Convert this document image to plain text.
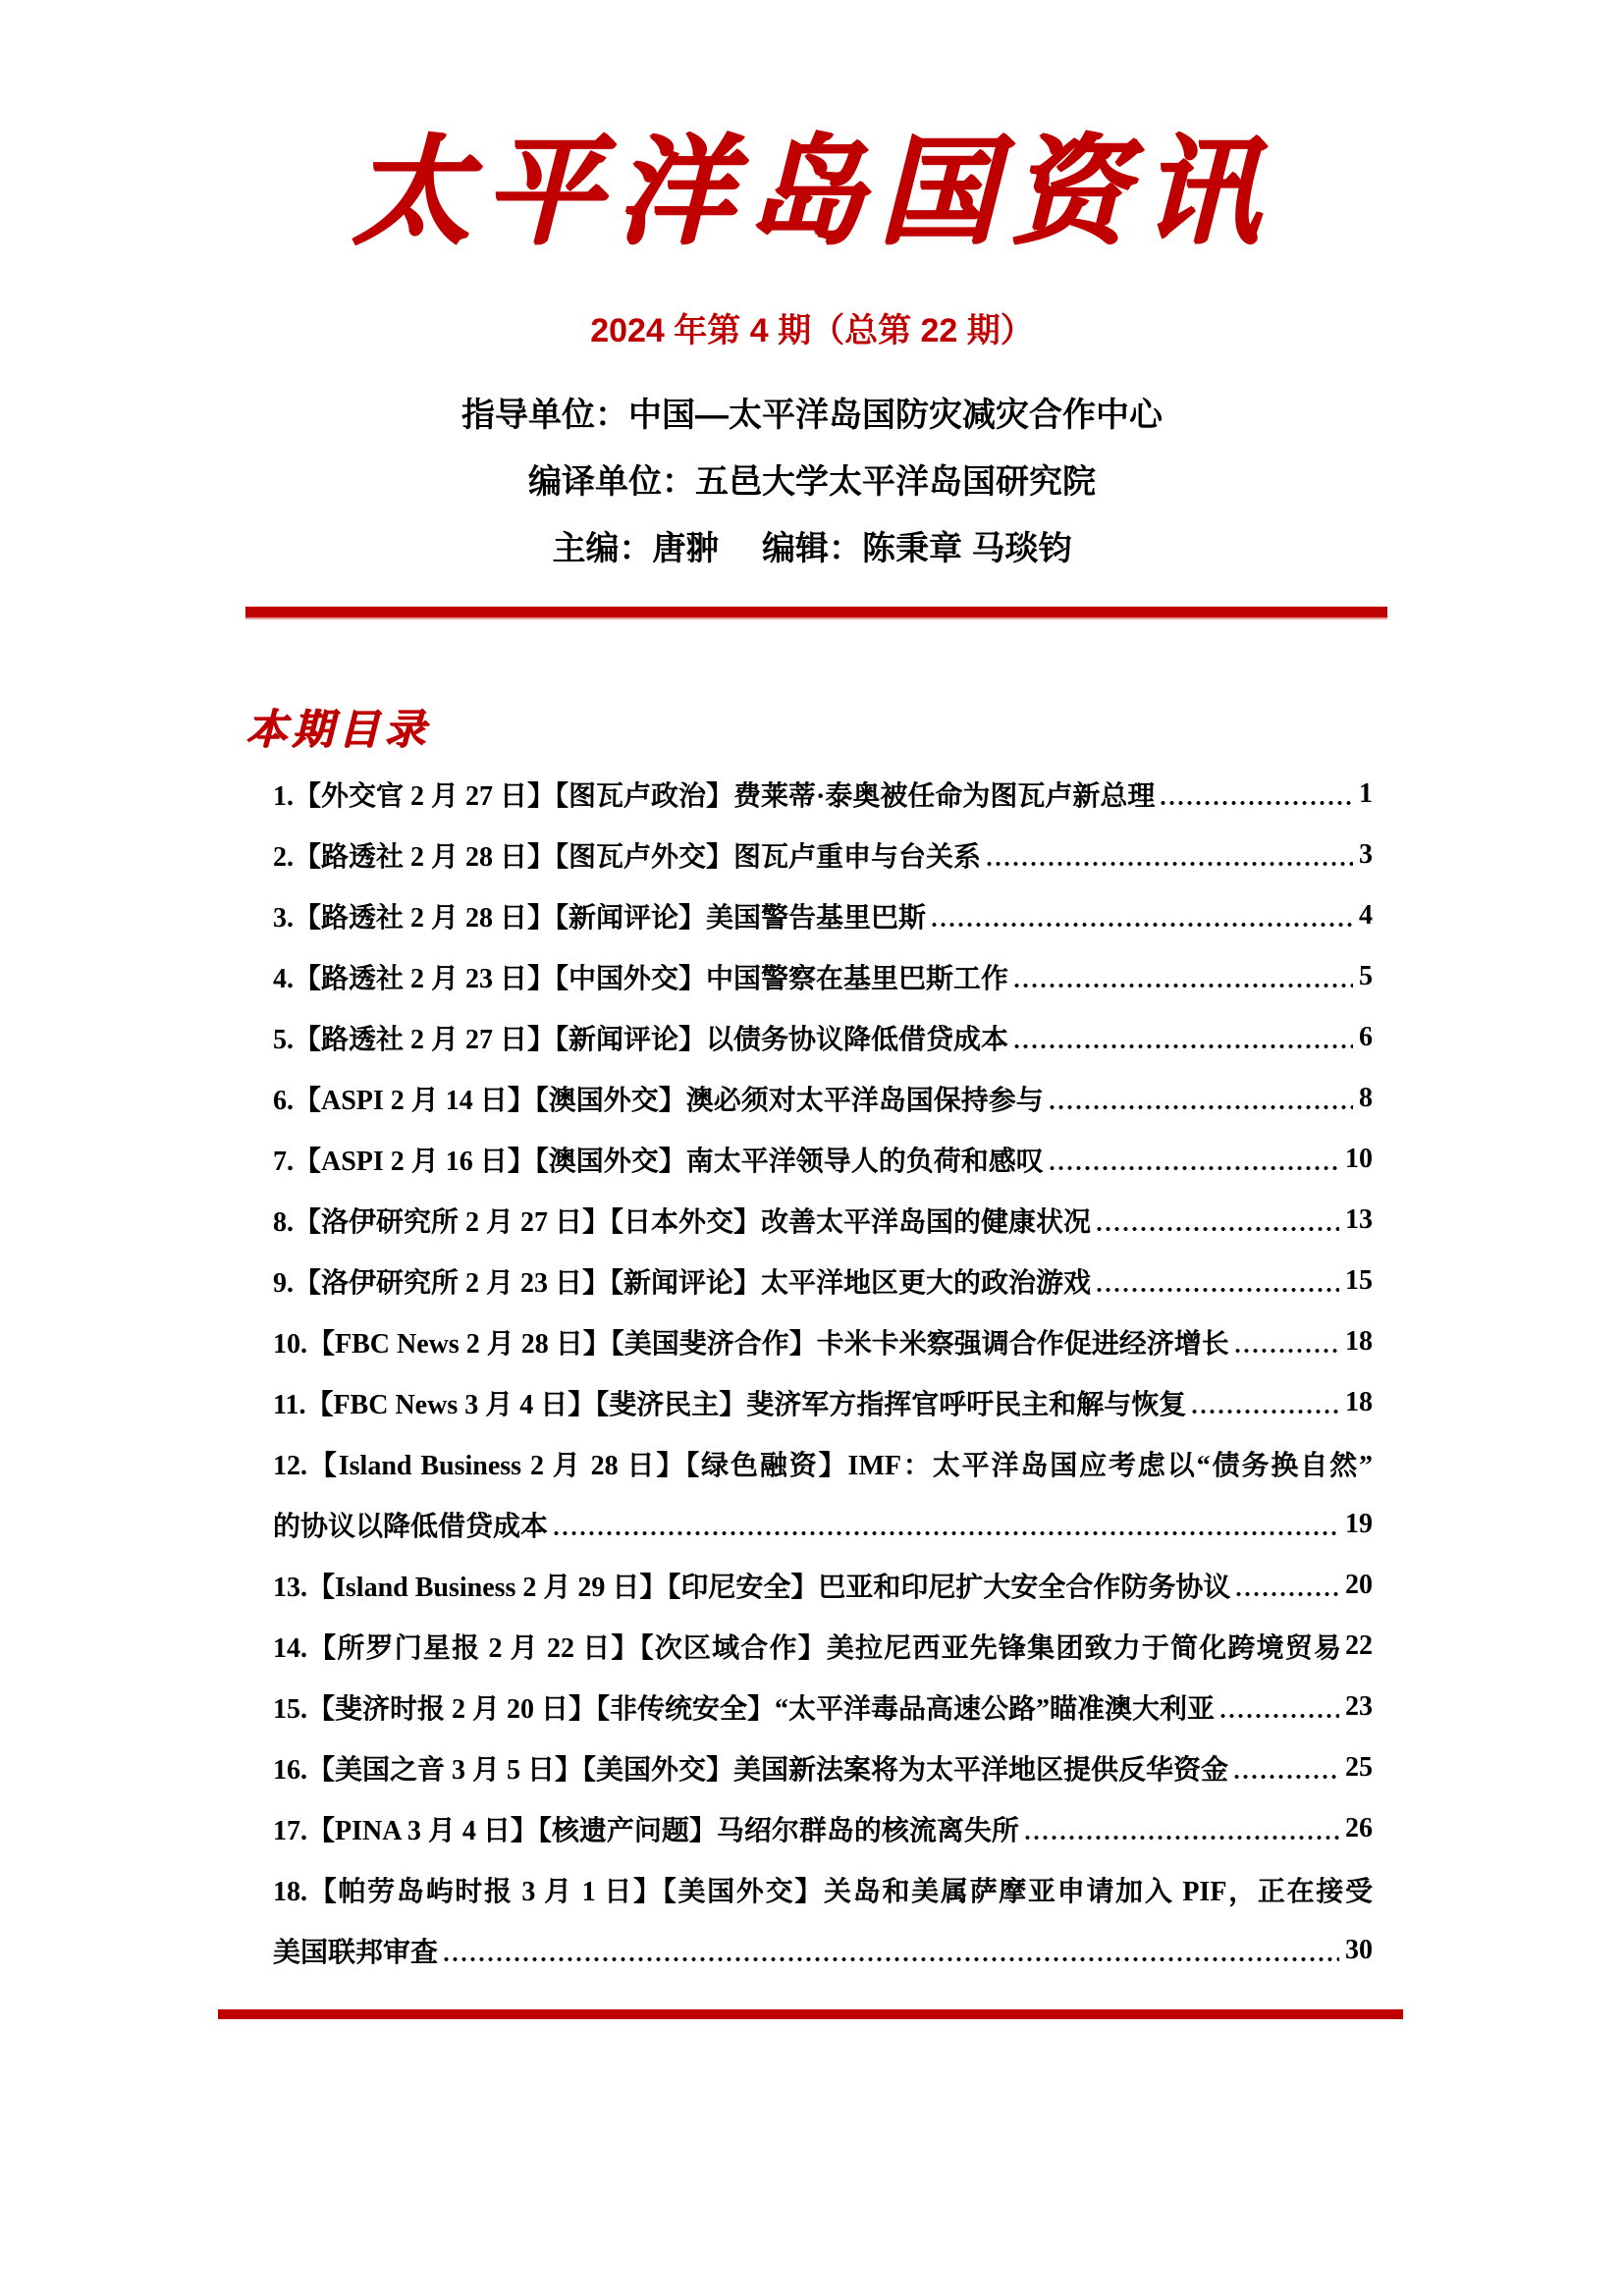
太平洋岛国资讯
2024 年第 4 期（总第 22 期）
指导单位：中国—太平洋岛国防灾减灾合作中心
编译单位：五邑大学太平洋岛国研究院
主编：唐翀　 编辑：陈秉章 马琰钧
本期目录
1.【外交官 2 月 27 日】【图瓦卢政治】费莱蒂·泰奥被任命为图瓦卢新总理	1
2.【路透社 2 月 28 日】【图瓦卢外交】图瓦卢重申与台关系	3
3.【路透社 2 月 28 日】【新闻评论】美国警告基里巴斯	4
4.【路透社 2 月 23 日】【中国外交】中国警察在基里巴斯工作	5
5.【路透社 2 月 27 日】【新闻评论】以债务协议降低借贷成本	6
6.【ASPI 2 月 14 日】【澳国外交】澳必须对太平洋岛国保持参与	8
7.【ASPI 2 月 16 日】【澳国外交】南太平洋领导人的负荷和感叹	10
8.【洛伊研究所 2 月 27 日】【日本外交】改善太平洋岛国的健康状况	13
9.【洛伊研究所 2 月 23 日】【新闻评论】太平洋地区更大的政治游戏	15
10.【FBC News 2 月 28 日】【美国斐济合作】卡米卡米察强调合作促进经济增长	18
11.【FBC News 3 月 4 日】【斐济民主】斐济军方指挥官呼吁民主和解与恢复	18
12.【Island Business 2 月 28 日】【绿色融资】IMF：太平洋岛国应考虑以“债务换自然”
的协议以降低借贷成本	19
13.【Island Business 2 月 29 日】【印尼安全】巴亚和印尼扩大安全合作防务协议	20
14.【所罗门星报 2 月 22 日】【次区域合作】美拉尼西亚先锋集团致力于简化跨境贸易 22
15.【斐济时报 2 月 20 日】【非传统安全】“太平洋毒品高速公路”瞄准澳大利亚	23
16.【美国之音 3 月 5 日】【美国外交】美国新法案将为太平洋地区提供反华资金	25
17.【PINA 3 月 4 日】【核遗产问题】马绍尔群岛的核流离失所	26
18.【帕劳岛屿时报 3 月 1 日】【美国外交】关岛和美属萨摩亚申请加入 PIF，正在接受
美国联邦审查	30
